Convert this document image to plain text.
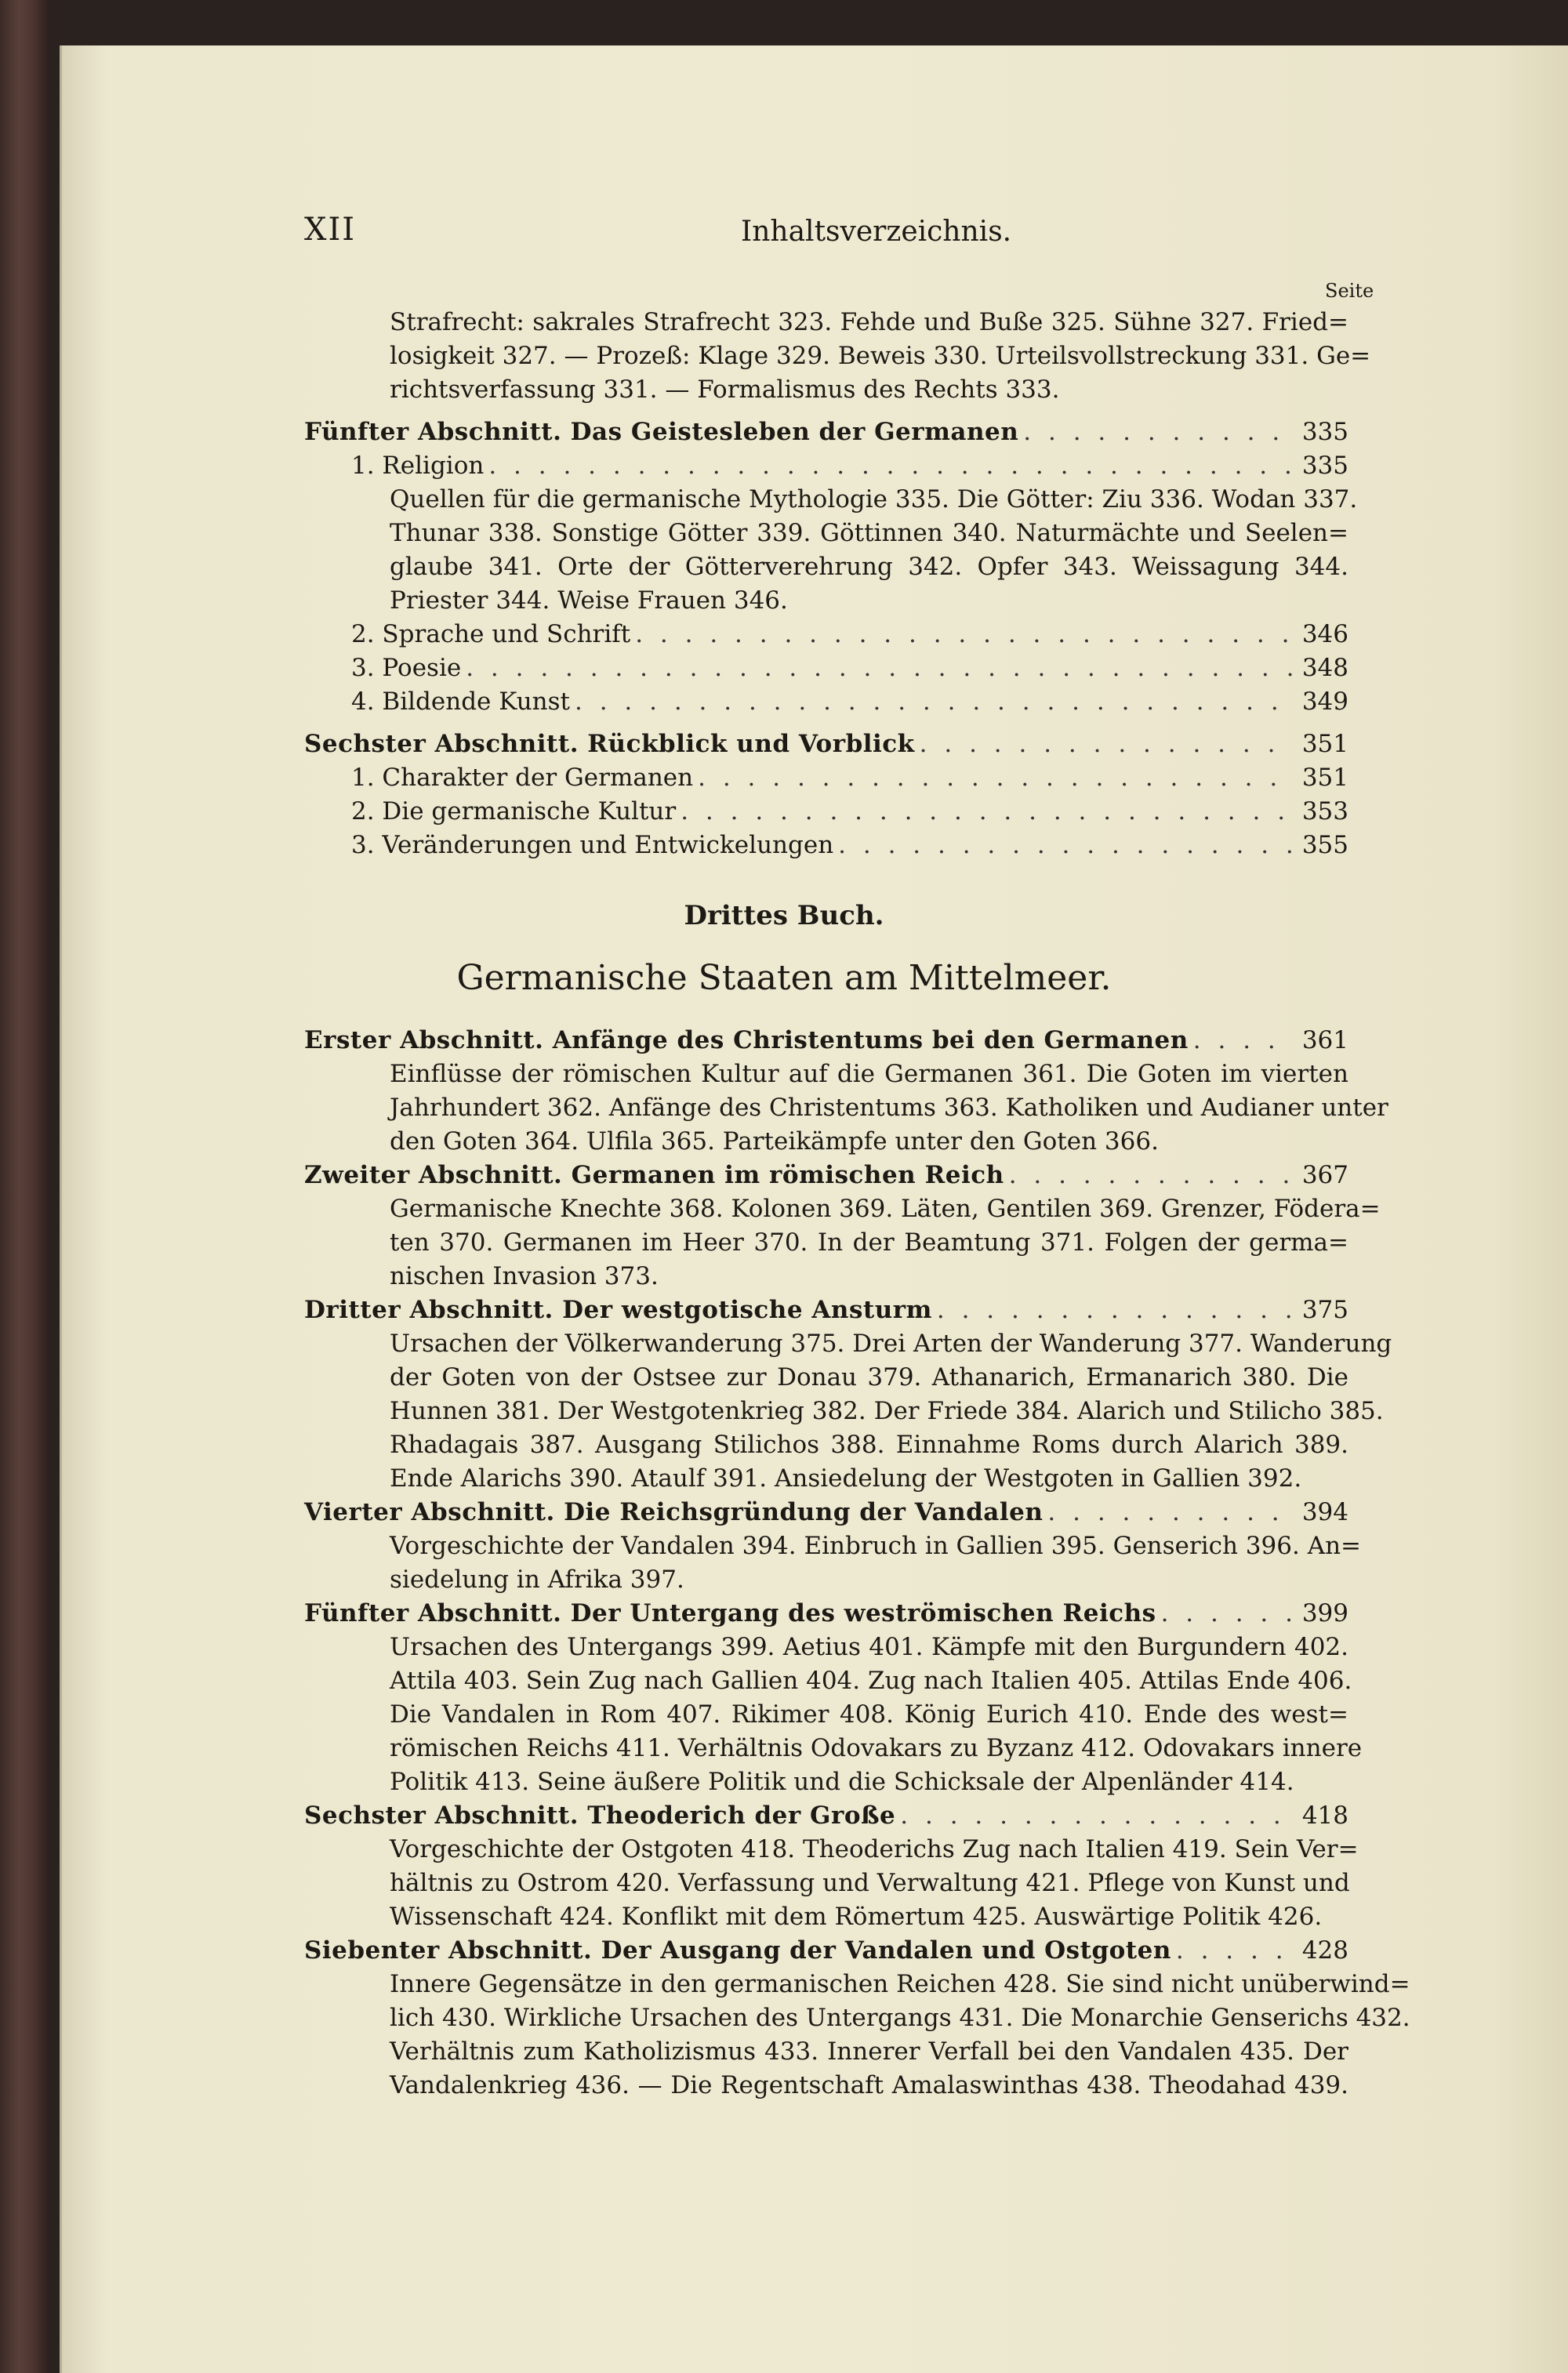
XII	Inhaltsverzeichnis.
Seite
Strafrecht: sakrales Strafrecht 323. Fehde und Buße 325. Sühne 327. Fried=
losigkeit 327. — Prozeß: Klage 329. Beweis 330. Urteilsvollstreckung 331. Ge=
richtsverfassung 331. — Formalismus des Rechts 333.
Fünfter Abschnitt. Das Geistesleben der Germanen . . .	335
1. Religion . . .	335
Quellen für die germanische Mythologie 335. Die Götter: Ziu 336. Wodan 337.
Thunar 338. Sonstige Götter 339. Göttinnen 340. Naturmächte und Seelen=
glaube 341. Orte der Götterverehrung 342. Opfer 343. Weissagung 344.
Priester 344. Weise Frauen 346.
2. Sprache und Schrift . . .	346
3. Poesie . . .	348
4. Bildende Kunst . . .	349
Sechster Abschnitt. Rückblick und Vorblick . . .	351
1. Charakter der Germanen . . .	351
2. Die germanische Kultur . . .	353
3. Veränderungen und Entwickelungen . . .	355
Drittes Buch.
Germanische Staaten am Mittelmeer.
Erster Abschnitt. Anfänge des Christentums bei den Germanen . . .	361
Einflüsse der römischen Kultur auf die Germanen 361. Die Goten im vierten
Jahrhundert 362. Anfänge des Christentums 363. Katholiken und Audianer unter
den Goten 364. Ulfila 365. Parteikämpfe unter den Goten 366.
Zweiter Abschnitt. Germanen im römischen Reich . . .	367
Germanische Knechte 368. Kolonen 369. Läten, Gentilen 369. Grenzer, Födera=
ten 370. Germanen im Heer 370. In der Beamtung 371. Folgen der germa=
nischen Invasion 373.
Dritter Abschnitt. Der westgotische Ansturm . . .	375
Ursachen der Völkerwanderung 375. Drei Arten der Wanderung 377. Wanderung
der Goten von der Ostsee zur Donau 379. Athanarich, Ermanarich 380. Die
Hunnen 381. Der Westgotenkrieg 382. Der Friede 384. Alarich und Stilicho 385.
Rhadagais 387. Ausgang Stilichos 388. Einnahme Roms durch Alarich 389.
Ende Alarichs 390. Ataulf 391. Ansiedelung der Westgoten in Gallien 392.
Vierter Abschnitt. Die Reichsgründung der Vandalen . . .	394
Vorgeschichte der Vandalen 394. Einbruch in Gallien 395. Genserich 396. An=
siedelung in Afrika 397.
Fünfter Abschnitt. Der Untergang des weströmischen Reichs . . .	399
Ursachen des Untergangs 399. Aetius 401. Kämpfe mit den Burgundern 402.
Attila 403. Sein Zug nach Gallien 404. Zug nach Italien 405. Attilas Ende 406.
Die Vandalen in Rom 407. Rikimer 408. König Eurich 410. Ende des west=
römischen Reichs 411. Verhältnis Odovakars zu Byzanz 412. Odovakars innere
Politik 413. Seine äußere Politik und die Schicksale der Alpenländer 414.
Sechster Abschnitt. Theoderich der Große . . .	418
Vorgeschichte der Ostgoten 418. Theoderichs Zug nach Italien 419. Sein Ver=
hältnis zu Ostrom 420. Verfassung und Verwaltung 421. Pflege von Kunst und
Wissenschaft 424. Konflikt mit dem Römertum 425. Auswärtige Politik 426.
Siebenter Abschnitt. Der Ausgang der Vandalen und Ostgoten . . .	428
Innere Gegensätze in den germanischen Reichen 428. Sie sind nicht unüberwind=
lich 430. Wirkliche Ursachen des Untergangs 431. Die Monarchie Genserichs 432.
Verhältnis zum Katholizismus 433. Innerer Verfall bei den Vandalen 435. Der
Vandalenkrieg 436. — Die Regentschaft Amalaswinthas 438. Theodahad 439.
